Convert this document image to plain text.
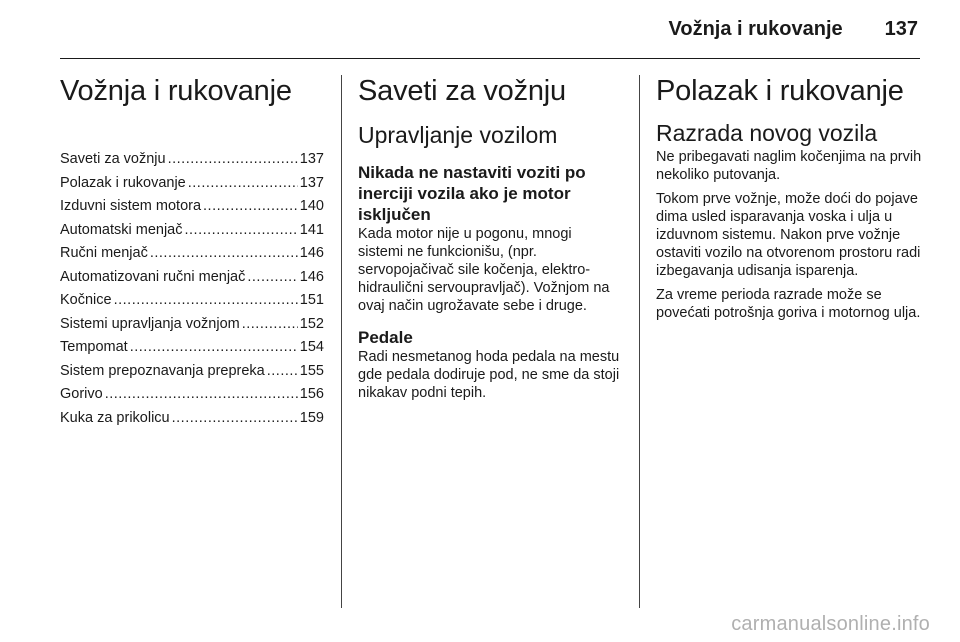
Vožnja i rukovanje 137
Vožnja i rukovanje
Saveti za vožnju .....	137
Polazak i rukovanje .....	137
Izduvni sistem motora .....	140
Automatski menjač .....	141
Ručni menjač .....	146
Automatizovani ručni menjač .....	146
Kočnice .....	151
Sistemi upravljanja vožnjom .....	152
Tempomat .....	154
Sistem prepoznavanja prepreka ..... 155
Gorivo .....	156
Kuka za prikolicu .....	159
Saveti za vožnju
Upravljanje vozilom
Nikada ne nastaviti voziti po inerciji vozila ako je motor isključen

Kada motor nije u pogonu, mnogi sistemi ne funkcionišu, (npr. servopojačivač sile kočenja, elektro-hidraulični servoupravljač). Vožnjom na ovaj način ugrožavate sebe i druge.

Pedale

Radi nesmetanog hoda pedala na mestu gde pedala dodiruje pod, ne sme da stoji nikakav podni tepih.

Polazak i rukovanje
Razrada novog vozila

Ne pribegavati naglim kočenjima na prvih nekoliko putovanja.

Tokom prve vožnje, može doći do pojave dima usled isparavanja voska i ulja u izduvnom sistemu. Nakon prve vožnje ostaviti vozilo na otvorenom prostoru radi izbegavanja udisanja isparenja.

Za vreme perioda razrade može se povećati potrošnja goriva i motornog ulja.

carmanualsonline.info
